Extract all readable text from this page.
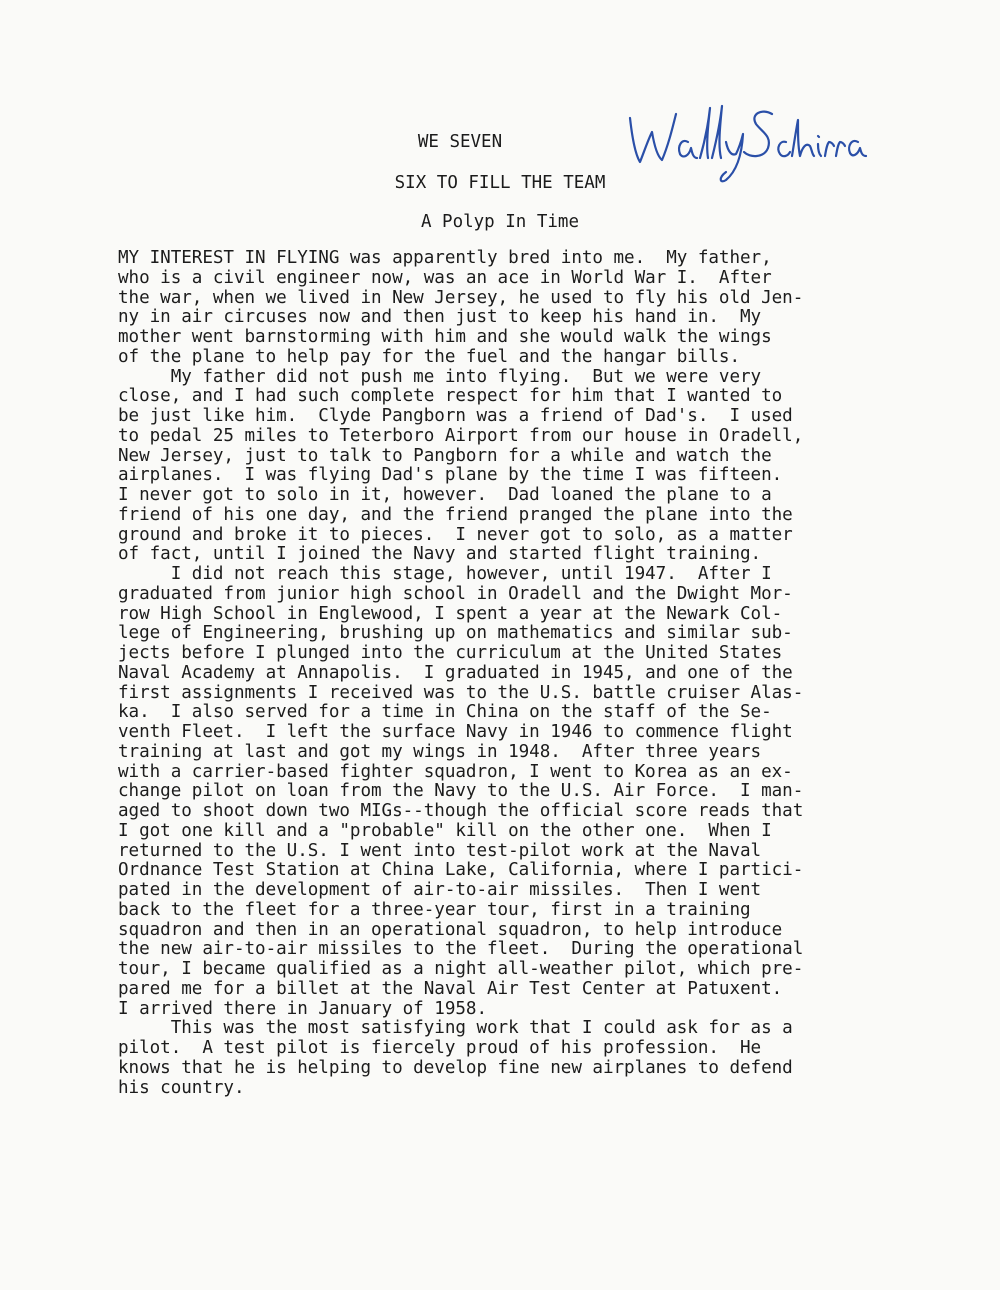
WE SEVEN
SIX TO FILL THE TEAM
A Polyp In Time
MY INTEREST IN FLYING was apparently bred into me.  My father,
who is a civil engineer now, was an ace in World War I.  After
the war, when we lived in New Jersey, he used to fly his old Jen-
ny in air circuses now and then just to keep his hand in.  My
mother went barnstorming with him and she would walk the wings
of the plane to help pay for the fuel and the hangar bills.
My father did not push me into flying.  But we were very
close, and I had such complete respect for him that I wanted to
be just like him.  Clyde Pangborn was a friend of Dad's.  I used
to pedal 25 miles to Teterboro Airport from our house in Oradell,
New Jersey, just to talk to Pangborn for a while and watch the
airplanes.  I was flying Dad's plane by the time I was fifteen.
I never got to solo in it, however.  Dad loaned the plane to a
friend of his one day, and the friend pranged the plane into the
ground and broke it to pieces.  I never got to solo, as a matter
of fact, until I joined the Navy and started flight training.
I did not reach this stage, however, until 1947.  After I
graduated from junior high school in Oradell and the Dwight Mor-
row High School in Englewood, I spent a year at the Newark Col-
lege of Engineering, brushing up on mathematics and similar sub-
jects before I plunged into the curriculum at the United States
Naval Academy at Annapolis.  I graduated in 1945, and one of the
first assignments I received was to the U.S. battle cruiser Alas-
ka.  I also served for a time in China on the staff of the Se-
venth Fleet.  I left the surface Navy in 1946 to commence flight
training at last and got my wings in 1948.  After three years
with a carrier-based fighter squadron, I went to Korea as an ex-
change pilot on loan from the Navy to the U.S. Air Force.  I man-
aged to shoot down two MIGs--though the official score reads that
I got one kill and a "probable" kill on the other one.  When I
returned to the U.S. I went into test-pilot work at the Naval
Ordnance Test Station at China Lake, California, where I partici-
pated in the development of air-to-air missiles.  Then I went
back to the fleet for a three-year tour, first in a training
squadron and then in an operational squadron, to help introduce
the new air-to-air missiles to the fleet.  During the operational
tour, I became qualified as a night all-weather pilot, which pre-
pared me for a billet at the Naval Air Test Center at Patuxent.
I arrived there in January of 1958.
This was the most satisfying work that I could ask for as a
pilot.  A test pilot is fiercely proud of his profession.  He
knows that he is helping to develop fine new airplanes to defend
his country.
